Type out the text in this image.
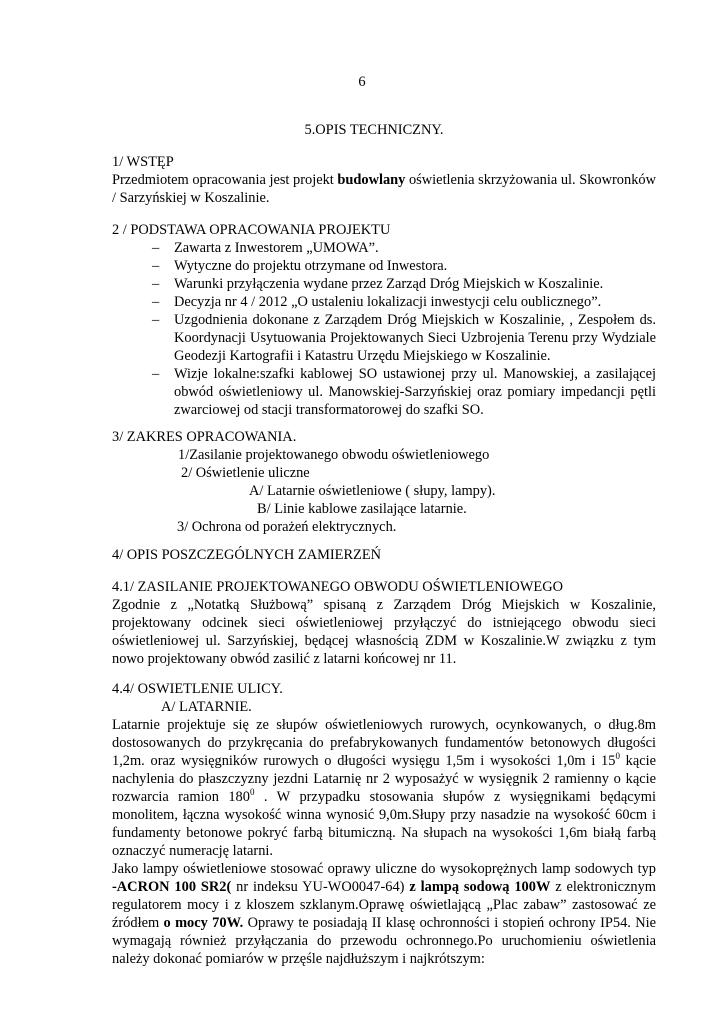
6
5.OPIS TECHNICZNY.
1/ WSTĘP
Przedmiotem opracowania jest projekt budowlany oświetlenia skrzyżowania ul. Skowronków / Sarzyńskiej w Koszalinie.
2 / PODSTAWA OPRACOWANIA PROJEKTU
– Zawarta z Inwestorem „UMOWA”.
– Wytyczne do projektu otrzymane od Inwestora.
– Warunki przyłączenia wydane przez Zarząd Dróg Miejskich w Koszalinie.
– Decyzja nr 4 / 2012 „O ustaleniu lokalizacji inwestycji celu oublicznego”.
– Uzgodnienia dokonane z Zarządem Dróg Miejskich w Koszalinie, , Zespołem ds. Koordynacji Usytuowania Projektowanych Sieci Uzbrojenia Terenu przy Wydziale Geodezji Kartografii i Katastru Urzędu Miejskiego w Koszalinie.
– Wizje lokalne:szafki kablowej SO ustawionej przy ul. Manowskiej, a zasilającej obwód oświetleniowy ul. Manowskiej-Sarzyńskiej oraz pomiary impedancji pętli zwarciowej od stacji transformatorowej do szafki SO.
3/ ZAKRES OPRACOWANIA.
1/Zasilanie projektowanego obwodu oświetleniowego
2/ Oświetlenie uliczne
A/ Latarnie oświetleniowe ( słupy, lampy).
B/ Linie kablowe zasilające latarnie.
3/ Ochrona od porażeń elektrycznych.
4/ OPIS POSZCZEGÓLNYCH ZAMIERZEŃ
4.1/ ZASILANIE PROJEKTOWANEGO OBWODU OŚWIETLENIOWEGO
Zgodnie z „Notatką Służbową” spisaną z Zarządem Dróg Miejskich w Koszalinie, projektowany odcinek sieci oświetleniowej przyłączyć do istniejącego obwodu sieci oświetleniowej ul. Sarzyńskiej, będącej własnością ZDM w Koszalinie.W związku z tym nowo projektowany obwód zasilić z latarni końcowej nr 11.
4.4/ OSWIETLENIE ULICY.
A/ LATARNIE.
Latarnie projektuje się ze słupów oświetleniowych rurowych, ocynkowanych, o dług.8m dostosowanych do przykręcania do prefabrykowanych fundamentów betonowych długości 1,2m. oraz wysięgników rurowych o długości wysięgu 1,5m i wysokości 1,0m i $15^0$ kącie nachylenia do płaszczyzny jezdni Latarnię nr 2 wyposażyć w wysięgnik 2 ramienny o kącie rozwarcia ramion $180^0$ . W przypadku stosowania słupów z wysięgnikami będącymi monolitem, łączna wysokość winna wynosić 9,0m.Słupy przy nasadzie na wysokość 60cm i fundamenty betonowe pokryć farbą bitumiczną. Na słupach na wysokości 1,6m białą farbą oznaczyć numerację latarni.
Jako lampy oświetleniowe stosować oprawy uliczne do wysokoprężnych lamp sodowych typ -ACRON 100 SR2( nr indeksu YU-WO0047-64) z lampą sodową 100W z elektronicznym regulatorem mocy i z kloszem szklanym.Oprawę oświetlającą „Plac zabaw” zastosować ze źródłem o mocy 70W. Oprawy te posiadają II klasę ochronności i stopień ochrony IP54. Nie wymagają również przyłączania do przewodu ochronnego.Po uruchomieniu oświetlenia należy dokonać pomiarów w przęśle najdłuższym i najkrótszym:
